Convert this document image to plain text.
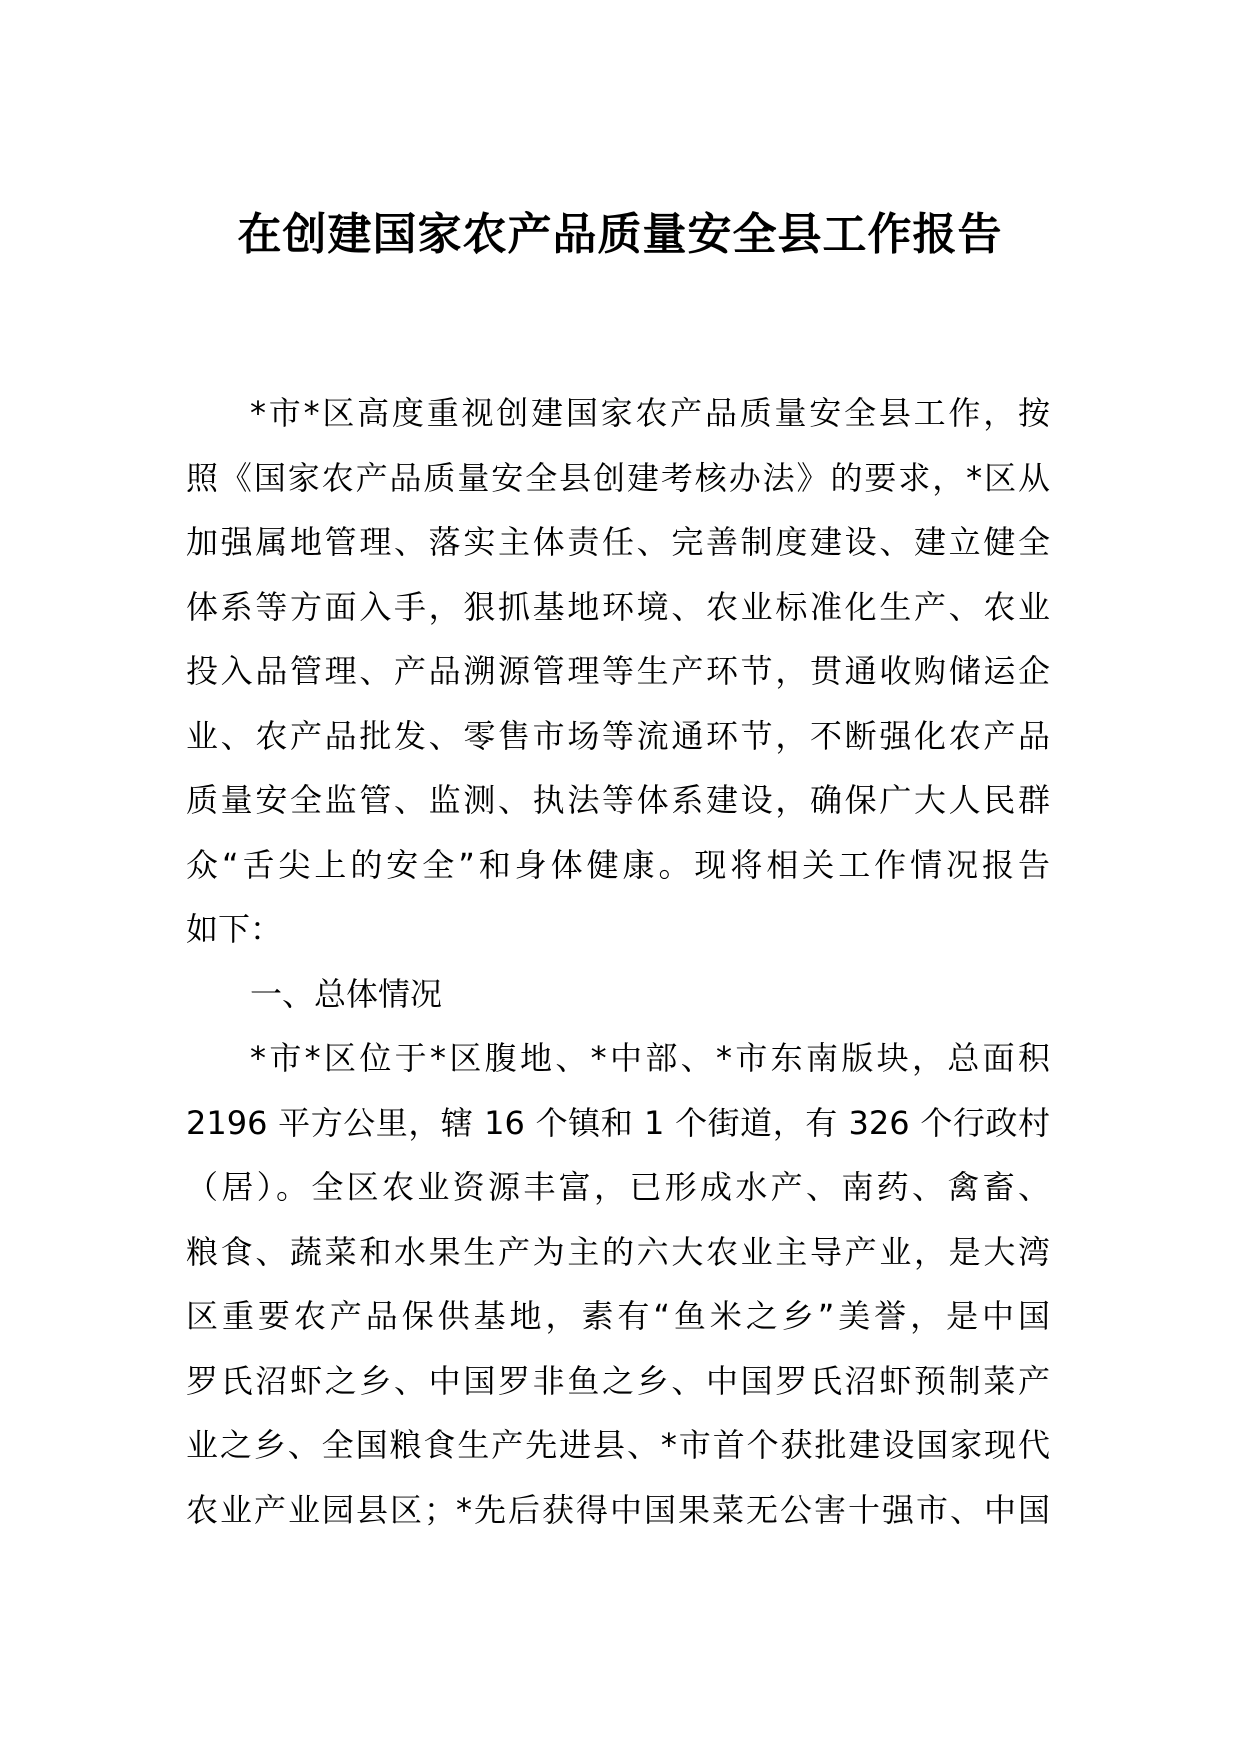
在创建国家农产品质量安全县工作报告
*市*区高度重视创建国家农产品质量安全县工作，按
照《国家农产品质量安全县创建考核办法》的要求，*区从
加强属地管理、落实主体责任、完善制度建设、建立健全
体系等方面入手，狠抓基地环境、农业标准化生产、农业
投入品管理、产品溯源管理等生产环节，贯通收购储运企
业、农产品批发、零售市场等流通环节，不断强化农产品
质量安全监管、监测、执法等体系建设，确保广大人民群
众“舌尖上的安全”和身体健康。现将相关工作情况报告
如下：
一、总体情况
*市*区位于*区腹地、*中部、*市东南版块，总面积
2196 平方公里，辖 16 个镇和 1 个街道，有 326 个行政村
（居）。全区农业资源丰富，已形成水产、南药、禽畜、
粮食、蔬菜和水果生产为主的六大农业主导产业，是大湾
区重要农产品保供基地，素有“鱼米之乡”美誉，是中国
罗氏沼虾之乡、中国罗非鱼之乡、中国罗氏沼虾预制菜产
业之乡、全国粮食生产先进县、*市首个获批建设国家现代
农业产业园县区；*先后获得中国果菜无公害十强市、中国
